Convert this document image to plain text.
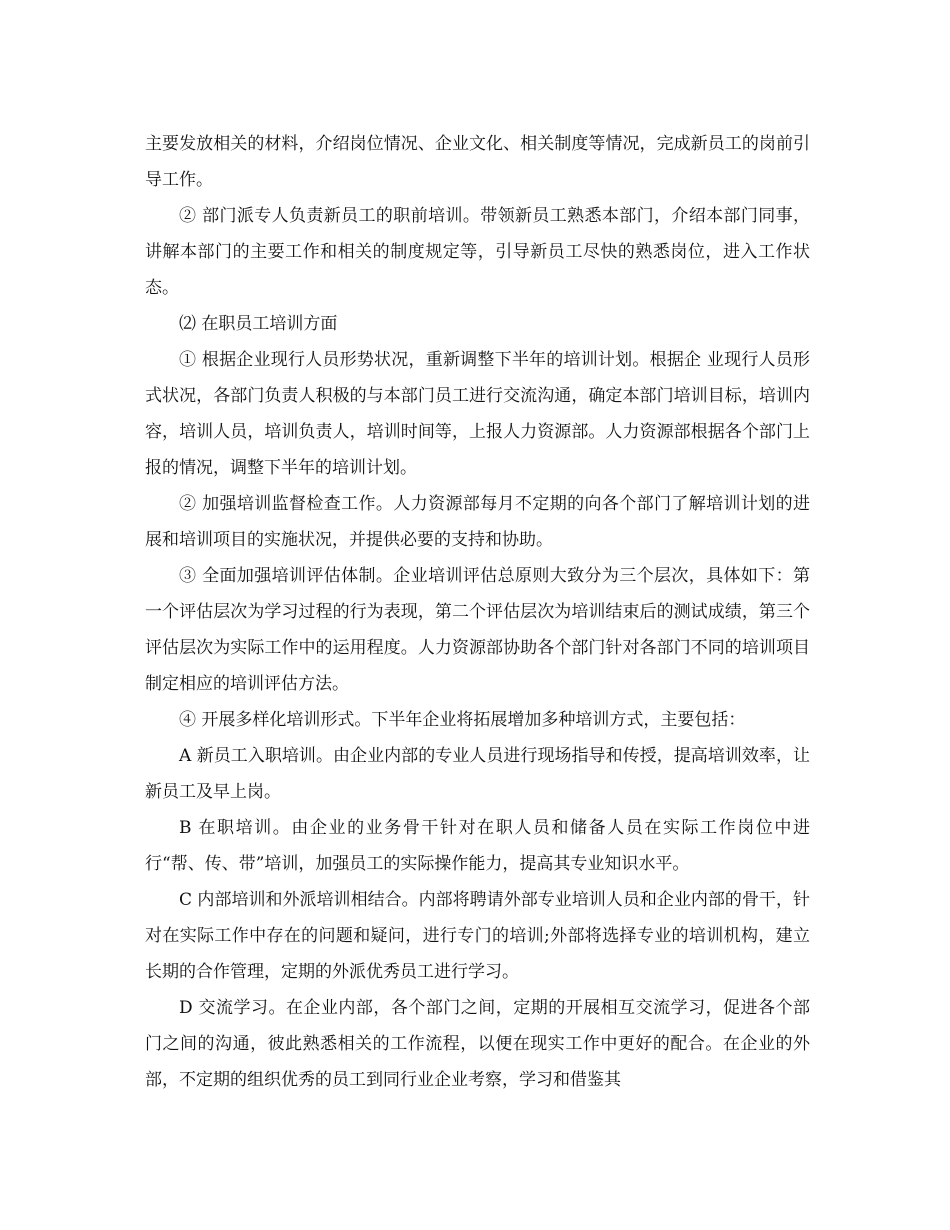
主要发放相关的材料，介绍岗位情况、企业文化、相关制度等情况，完成新员工的岗前引导工作。

② 部门派专人负责新员工的职前培训。带领新员工熟悉本部门，介绍本部门同事，讲解本部门的主要工作和相关的制度规定等，引导新员工尽快的熟悉岗位，进入工作状态。

⑵ 在职员工培训方面

① 根据企业现行人员形势状况，重新调整下半年的培训计划。根据企 业现行人员形式状况，各部门负责人积极的与本部门员工进行交流沟通，确定本部门培训目标，培训内容，培训人员，培训负责人，培训时间等，上报人力资源部。人力资源部根据各个部门上报的情况，调整下半年的培训计划。

② 加强培训监督检查工作。人力资源部每月不定期的向各个部门了解培训计划的进展和培训项目的实施状况，并提供必要的支持和协助。

③ 全面加强培训评估体制。企业培训评估总原则大致分为三个层次，具体如下：第一个评估层次为学习过程的行为表现，第二个评估层次为培训结束后的测试成绩，第三个评估层次为实际工作中的运用程度。人力资源部协助各个部门针对各部门不同的培训项目制定相应的培训评估方法。

④ 开展多样化培训形式。下半年企业将拓展增加多种培训方式，主要包括：

A 新员工入职培训。由企业内部的专业人员进行现场指导和传授，提高培训效率，让新员工及早上岗。

B 在职培训。由企业的业务骨干针对在职人员和储备人员在实际工作岗位中进行“帮、传、带”培训，加强员工的实际操作能力，提高其专业知识水平。

C 内部培训和外派培训相结合。内部将聘请外部专业培训人员和企业内部的骨干，针对在实际工作中存在的问题和疑问，进行专门的培训;外部将选择专业的培训机构，建立长期的合作管理，定期的外派优秀员工进行学习。

D 交流学习。在企业内部，各个部门之间，定期的开展相互交流学习，促进各个部门之间的沟通，彼此熟悉相关的工作流程，以便在现实工作中更好的配合。在企业的外部，不定期的组织优秀的员工到同行业企业考察，学习和借鉴其
